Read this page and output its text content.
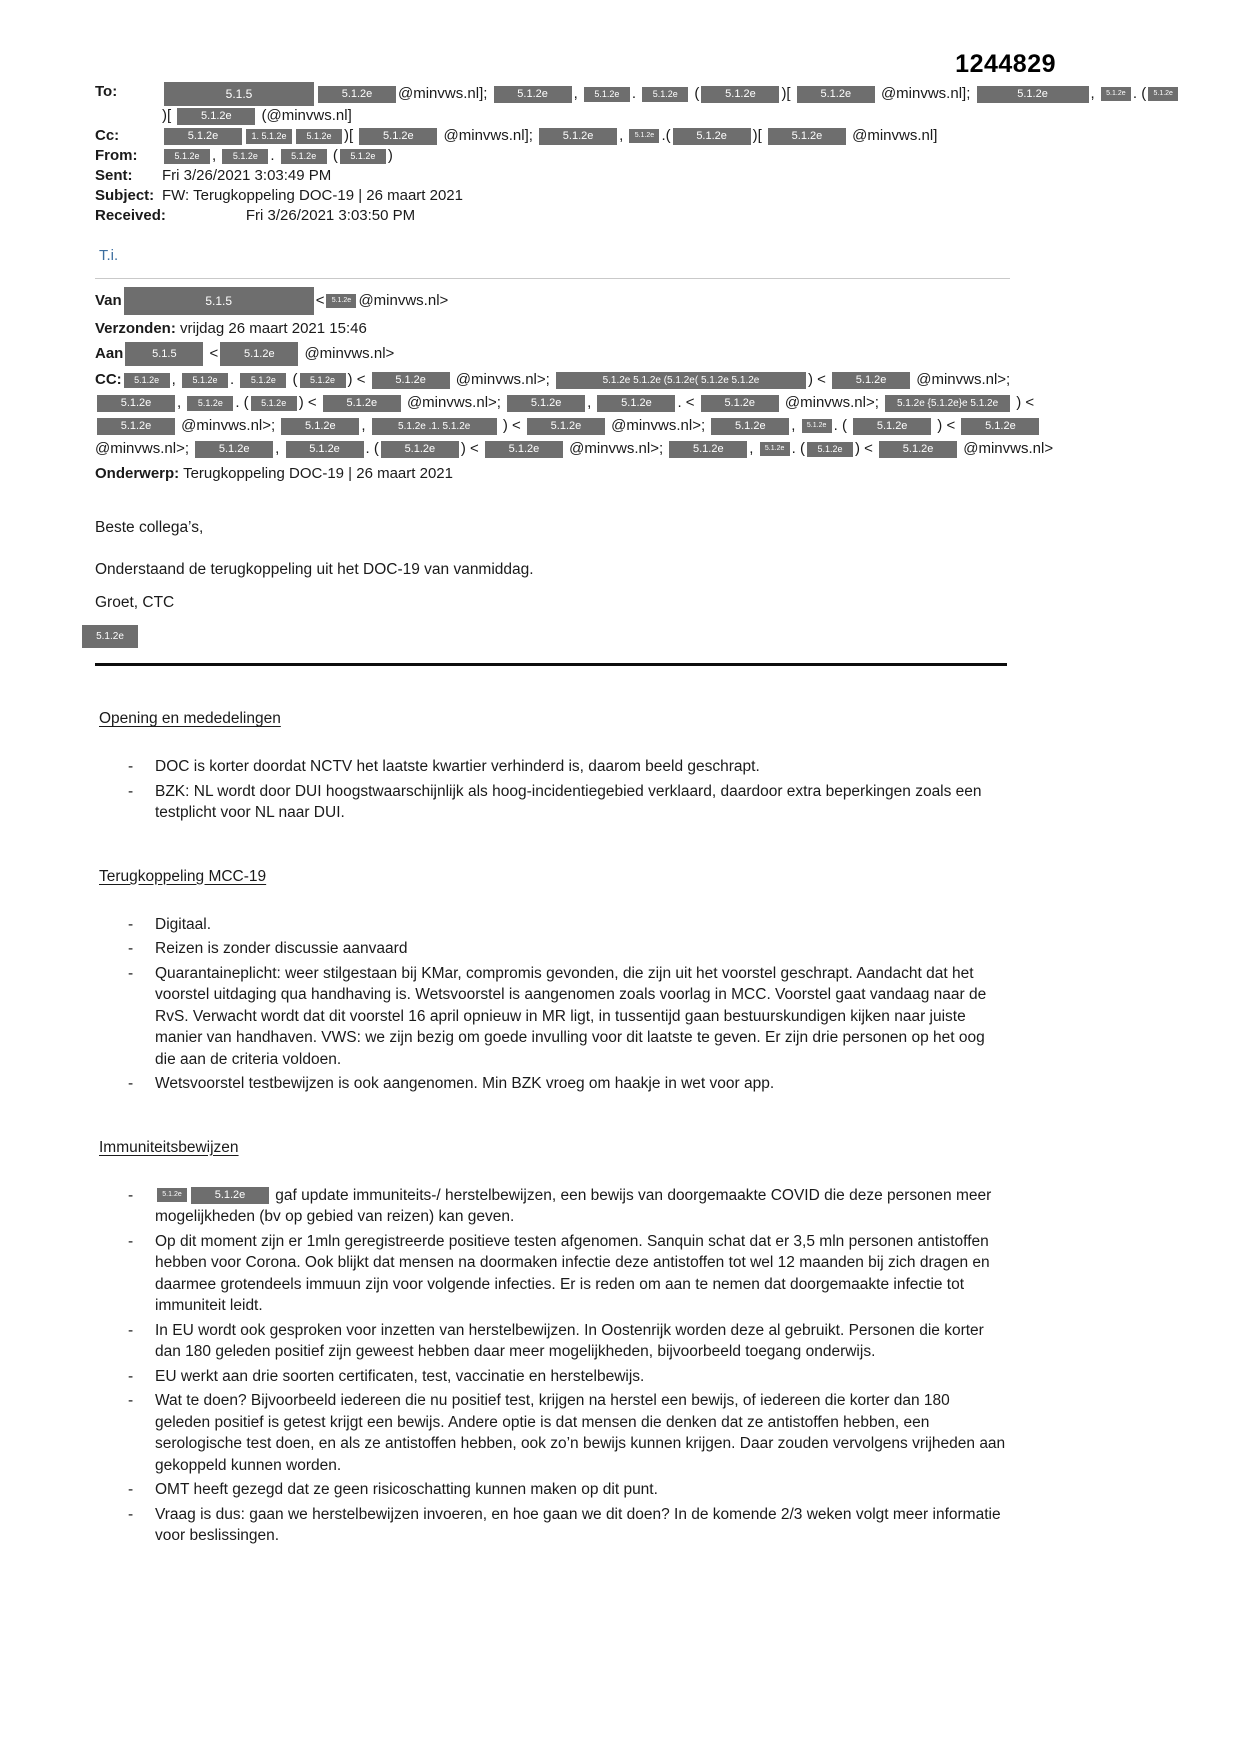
1244829
To:	5.1.5	5.1.2e @minvws.nl]; 5.1.2e , 5.1.2e . 5.1.2e ( 5.1.2e )[ 5.1.2e @minvws.nl];	5.1.2e	, 5.1.2e . ( 5.1.2e)[ 5.1.2e (@minvws.nl]
Cc:	5.1.2e	1. 5.1.2e 5.1.2e )[ 5.1.2e @minvws.nl]; 5.1.2e , 5.1.2e .( 5.1.2e )[ 5.1.2e @minvws.nl]
From:	5.1.2e , 5.1.2e . 5.1.2e ( 5.1.2e )
Sent:	Fri 3/26/2021 3:03:49 PM
Subject: FW: Terugkoppeling DOC-19 | 26 maart 2021
Received:	Fri 3/26/2021 3:03:50 PM
T.i.
Van	5.1.5	< 5.1.2e @minvws.nl>
Verzonden: vrijdag 26 maart 2021 15:46
Aan	5.1.5 < 5.1.2e @minvws.nl>
CC: 5.1.2e , 5.1.2e . 5.1.2e ( 5.1.2e ) < 5.1.2e @minvws.nl>;	5.1.2e 5.1.2e (5.1.2e( 5.1.2e 5.1.2e	) < 5.1.2e @minvws.nl>; 5.1.2e , 5.1.2e . ( 5.1.2e ) < 5.1.2e @minvws.nl>; 5.1.2e , 5.1.2e . < 5.1.2e @minvws.nl>; 5.1.2e {5.1.2e}e 5.1.2e ) < 5.1.2e @minvws.nl>; 5.1.2e ,	5.1.2e .1. 5.1.2e ) < 5.1.2e @minvws.nl>; 5.1.2e , 5.1.2e . ( 5.1.2e ) < 5.1.2e @minvws.nl>; 5.1.2e , 5.1.2e . ( 5.1.2e ) < 5.1.2e @minvws.nl>; 5.1.2e , 5.1.2e . ( 5.1.2e ) < 5.1.2e @minvws.nl>
Onderwerp: Terugkoppeling DOC-19 | 26 maart 2021
Beste collega’s,
Onderstaand de terugkoppeling uit het DOC-19 van vanmiddag.
Groet, CTC
5.1.2e
Opening en mededelingen
- DOC is korter doordat NCTV het laatste kwartier verhinderd is, daarom beeld geschrapt.
- BZK: NL wordt door DUI hoogstwaarschijnlijk als hoog-incidentiegebied verklaard, daardoor extra beperkingen zoals een testplicht voor NL naar DUI.
Terugkoppeling MCC-19
- Digitaal.
- Reizen is zonder discussie aanvaard
- Quarantaineplicht: weer stilgestaan bij KMar, compromis gevonden, die zijn uit het voorstel geschrapt. Aandacht dat het voorstel uitdaging qua handhaving is. Wetsvoorstel is aangenomen zoals voorlag in MCC. Voorstel gaat vandaag naar de RvS. Verwacht wordt dat dit voorstel 16 april opnieuw in MR ligt, in tussentijd gaan bestuurskundigen kijken naar juiste manier van handhaven. VWS: we zijn bezig om goede invulling voor dit laatste te geven. Er zijn drie personen op het oog die aan de criteria voldoen.
- Wetsvoorstel testbewijzen is ook aangenomen. Min BZK vroeg om haakje in wet voor app.
Immuniteitsbewijzen
- 5.1.2e	5.1.2e gaf update immuniteits-/ herstelbewijzen, een bewijs van doorgemaakte COVID die deze personen meer mogelijkheden (bv op gebied van reizen) kan geven.
- Op dit moment zijn er 1mln geregistreerde positieve testen afgenomen. Sanquin schat dat er 3,5 mln personen antistoffen hebben voor Corona. Ook blijkt dat mensen na doormaken infectie deze antistoffen tot wel 12 maanden bij zich dragen en daarmee grotendeels immuun zijn voor volgende infecties. Er is reden om aan te nemen dat doorgemaakte infectie tot immuniteit leidt.
- In EU wordt ook gesproken voor inzetten van herstelbewijzen. In Oostenrijk worden deze al gebruikt. Personen die korter dan 180 geleden positief zijn geweest hebben daar meer mogelijkheden, bijvoorbeeld toegang onderwijs.
- EU werkt aan drie soorten certificaten, test, vaccinatie en herstelbewijs.
- Wat te doen? Bijvoorbeeld iedereen die nu positief test, krijgen na herstel een bewijs, of iedereen die korter dan 180 geleden positief is getest krijgt een bewijs. Andere optie is dat mensen die denken dat ze antistoffen hebben, een serologische test doen, en als ze antistoffen hebben, ook zo’n bewijs kunnen krijgen. Daar zouden vervolgens vrijheden aan gekoppeld kunnen worden.
- OMT heeft gezegd dat ze geen risicoschatting kunnen maken op dit punt.
- Vraag is dus: gaan we herstelbewijzen invoeren, en hoe gaan we dit doen? In de komende 2/3 weken volgt meer informatie voor beslissingen.
